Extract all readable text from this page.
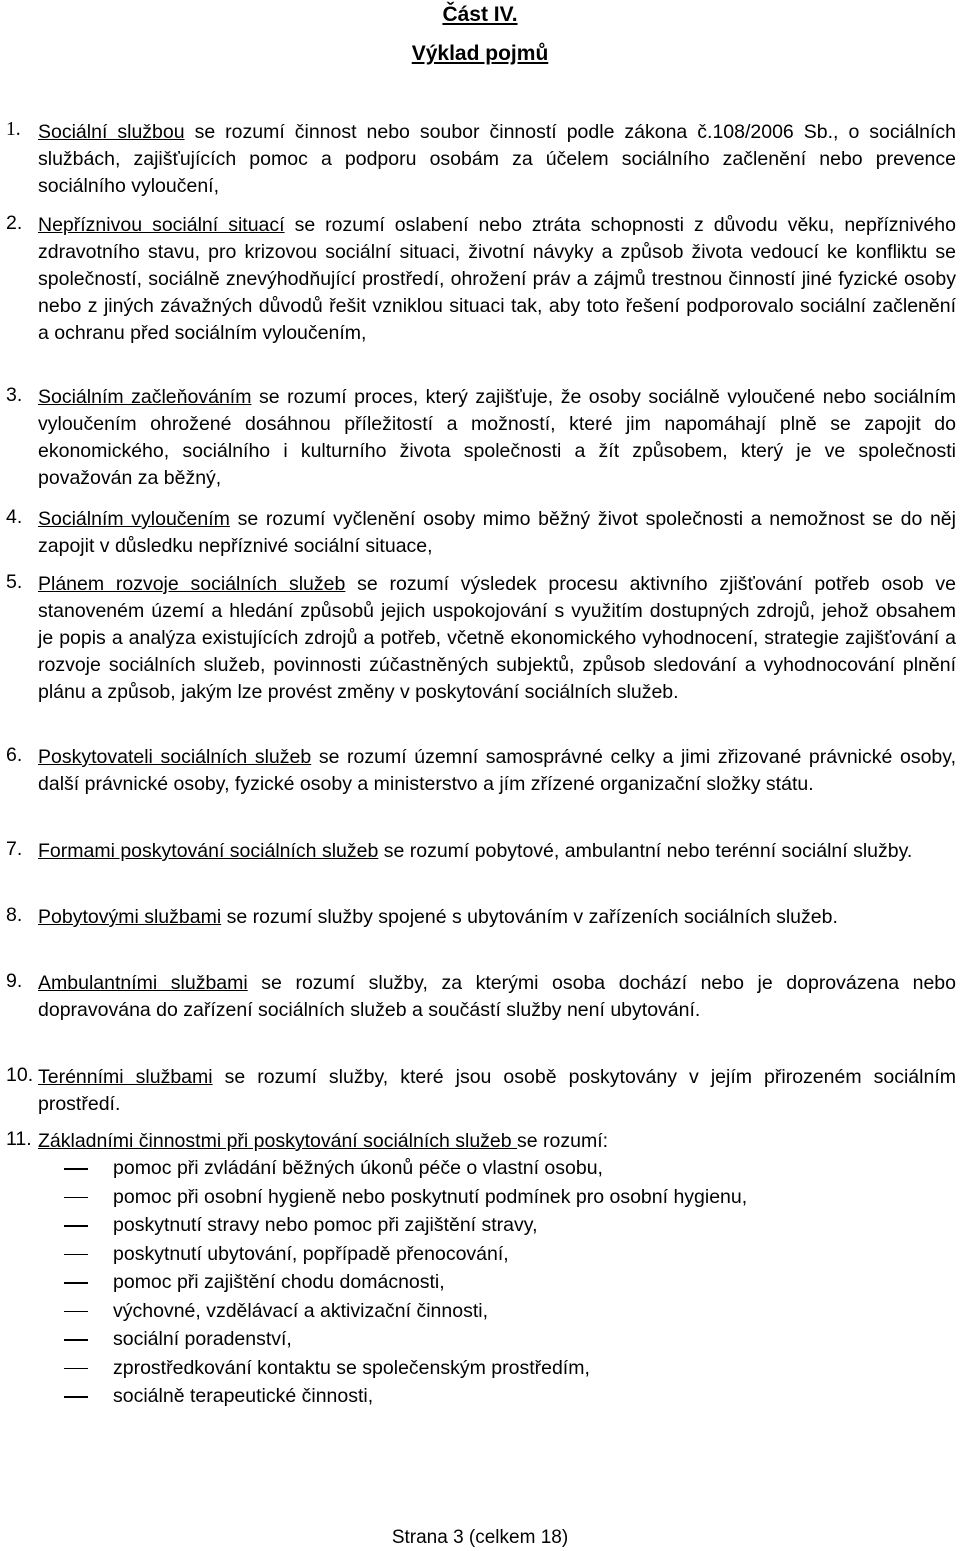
Část IV.
Výklad pojmů
1. Sociální službou se rozumí činnost nebo soubor činností podle zákona č.108/2006 Sb., o sociálních službách, zajišťujících pomoc a podporu osobám za účelem sociálního začlenění nebo prevence sociálního vyloučení,
2. Nepříznivou sociální situací se rozumí oslabení nebo ztráta schopnosti z důvodu věku, nepříznivého zdravotního stavu, pro krizovou sociální situaci, životní návyky a způsob života vedoucí ke konfliktu se společností, sociálně znevýhodňující prostředí, ohrožení práv a zájmů trestnou činností jiné fyzické osoby nebo z jiných závažných důvodů řešit vzniklou situaci tak, aby toto řešení podporovalo sociální začlenění a ochranu před sociálním vyloučením,
3. Sociálním začleňováním se rozumí proces, který zajišťuje, že osoby sociálně vyloučené nebo sociálním vyloučením ohrožené dosáhnou příležitostí a možností, které jim napomáhají plně se zapojit do ekonomického, sociálního i kulturního života společnosti a žít způsobem, který je ve společnosti považován za běžný,
4. Sociálním vyloučením se rozumí vyčlenění osoby mimo běžný život společnosti a nemožnost se do něj zapojit v důsledku nepříznivé sociální situace,
5. Plánem rozvoje sociálních služeb se rozumí výsledek procesu aktivního zjišťování potřeb osob ve stanoveném území a hledání způsobů jejich uspokojování s využitím dostupných zdrojů, jehož obsahem je popis a analýza existujících zdrojů a potřeb, včetně ekonomického vyhodnocení, strategie zajišťování a rozvoje sociálních služeb, povinnosti zúčastněných subjektů, způsob sledování a vyhodnocování plnění plánu a způsob, jakým lze provést změny v poskytování sociálních služeb.
6. Poskytovateli sociálních služeb se rozumí územní samosprávné celky a jimi zřizované právnické osoby, další právnické osoby, fyzické osoby a ministerstvo a jím zřízené organizační složky státu.
7. Formami poskytování sociálních služeb se rozumí pobytové, ambulantní nebo terénní sociální služby.
8. Pobytovými službami se rozumí služby spojené s ubytováním v zařízeních sociálních služeb.
9. Ambulantními službami se rozumí služby, za kterými osoba dochází nebo je doprovázena nebo dopravována do zařízení sociálních služeb a součástí služby není ubytování.
10. Terénními službami se rozumí služby, které jsou osobě poskytovány v jejím přirozeném sociálním prostředí.
11. Základními činnostmi při poskytování sociálních služeb se rozumí:
pomoc při zvládání běžných úkonů péče o vlastní osobu,
pomoc při osobní hygieně nebo poskytnutí podmínek pro osobní hygienu,
poskytnutí stravy nebo pomoc při zajištění stravy,
poskytnutí ubytování, popřípadě přenocování,
pomoc při zajištění chodu domácnosti,
výchovné, vzdělávací a aktivizační činnosti,
sociální poradenství,
zprostředkování kontaktu se společenským prostředím,
sociálně terapeutické činnosti,
Strana 3 (celkem 18)
